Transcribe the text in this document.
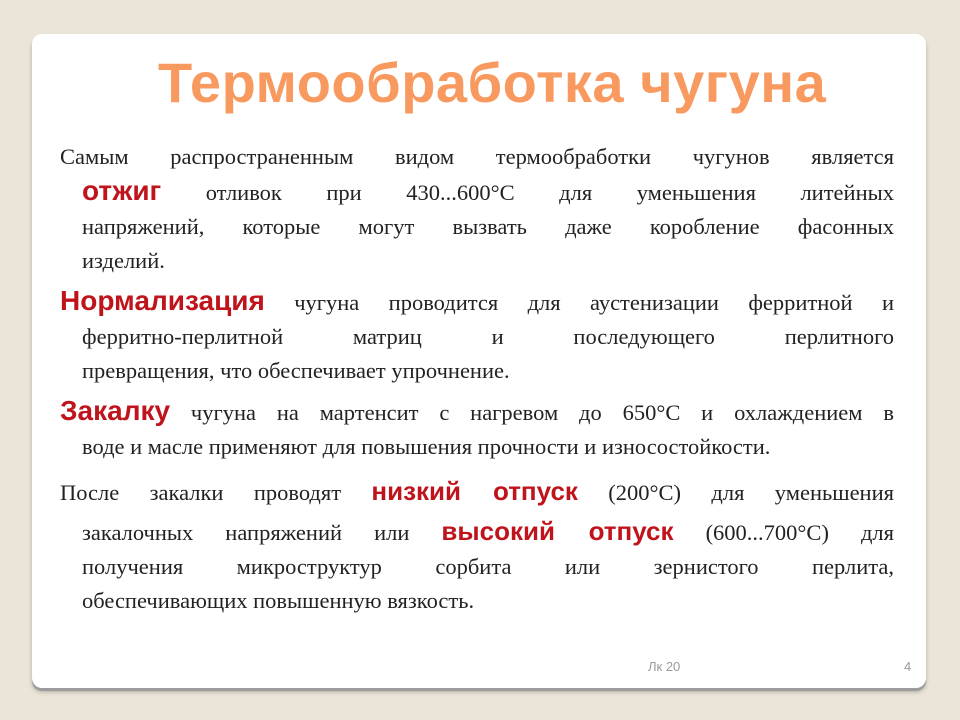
Термообработка чугуна
Самым распространенным видом термообработки чугунов является
отжиг отливок при 430...600°С для уменьшения литейных
напряжений, которые могут вызвать даже коробление фасонных
изделий.
Нормализация чугуна проводится для аустенизации ферритной и
ферритно-перлитной матриц и последующего перлитного
превращения, что обеспечивает упрочнение.
Закалку чугуна на мартенсит с нагревом до 650°С и охлаждением в
воде и масле применяют для повышения прочности и износостойкости.
После закалки проводят низкий отпуск (200°С) для уменьшения
закалочных напряжений или высокий отпуск (600...700°С) для
получения микроструктур сорбита или зернистого перлита,
обеспечивающих повышенную вязкость.
Лк 20	4
